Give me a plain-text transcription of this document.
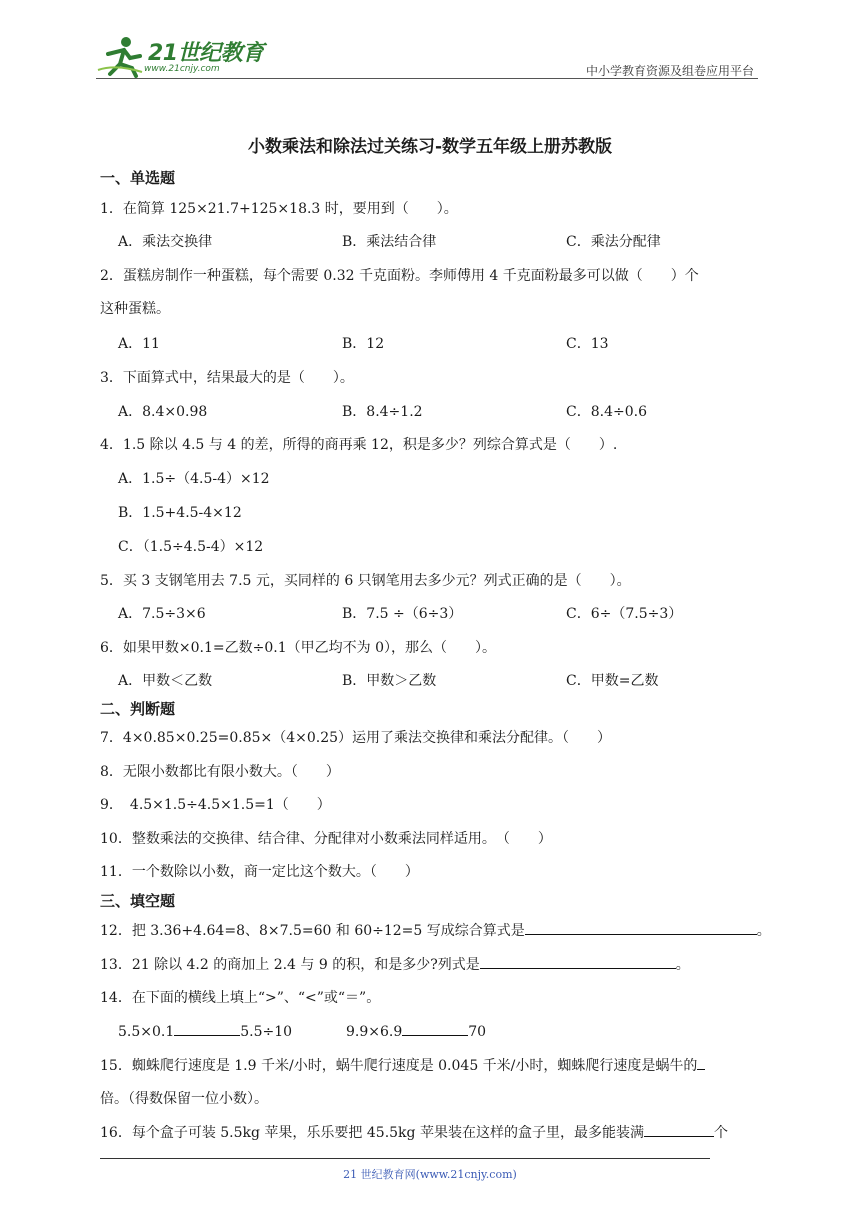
21世纪教育
www.21cnjy.com	中小学教育资源及组卷应用平台
小数乘法和除法过关练习-数学五年级上册苏教版
一、单选题
1．在简算 125×21.7+125×18.3 时，要用到（　　）。
A．乘法交换律	B．乘法结合律	C．乘法分配律
2．蛋糕房制作一种蛋糕，每个需要 0.32 千克面粉。李师傅用 4 千克面粉最多可以做（　　）个
这种蛋糕。
A．11	B．12	C．13
3．下面算式中，结果最大的是（　　）。
A．8.4×0.98	B．8.4÷1.2	C．8.4÷0.6
4．1.5 除以 4.5 与 4 的差，所得的商再乘 12，积是多少？列综合算式是（　　）.
A．1.5÷（4.5-4）×12
B．1.5+4.5-4×12
C．（1.5÷4.5-4）×12
5．买 3 支钢笔用去 7.5 元，买同样的 6 只钢笔用去多少元？列式正确的是（　　）。
A．7.5÷3×6	B．7.5 ÷（6÷3）	C．6÷（7.5÷3）
6．如果甲数×0.1=乙数÷0.1（甲乙均不为 0），那么（　　）。
A．甲数＜乙数	B．甲数＞乙数	C．甲数=乙数
二、判断题
7．4×0.85×0.25=0.85×（4×0.25）运用了乘法交换律和乘法分配律。（　　）
8．无限小数都比有限小数大。（　　）
9．　4.5×1.5÷4.5×1.5=1（　　）
10．整数乘法的交换律、结合律、分配律对小数乘法同样适用。　（　　）
11．一个数除以小数，商一定比这个数大。（　　）
三、填空题
12．把 3.36+4.64=8、8×7.5=60 和 60÷12=5 写成综合算式是	。
13．21 除以 4.2 的商加上 2.4 与 9 的积，和是多少?列式是	。
14．在下面的横线上填上“>”、“<”或“＝”。
5.5×0.1	5.5÷10	9.9×6.9	70
15．蜘蛛爬行速度是 1.9 千米/小时，蜗牛爬行速度是 0.045 千米/小时，蜘蛛爬行速度是蜗牛的
倍。（得数保留一位小数）。
16．每个盒子可装 5.5kg 苹果，乐乐要把 45.5kg 苹果装在这样的盒子里，最多能装满	个
21 世纪教育网(www.21cnjy.com)
